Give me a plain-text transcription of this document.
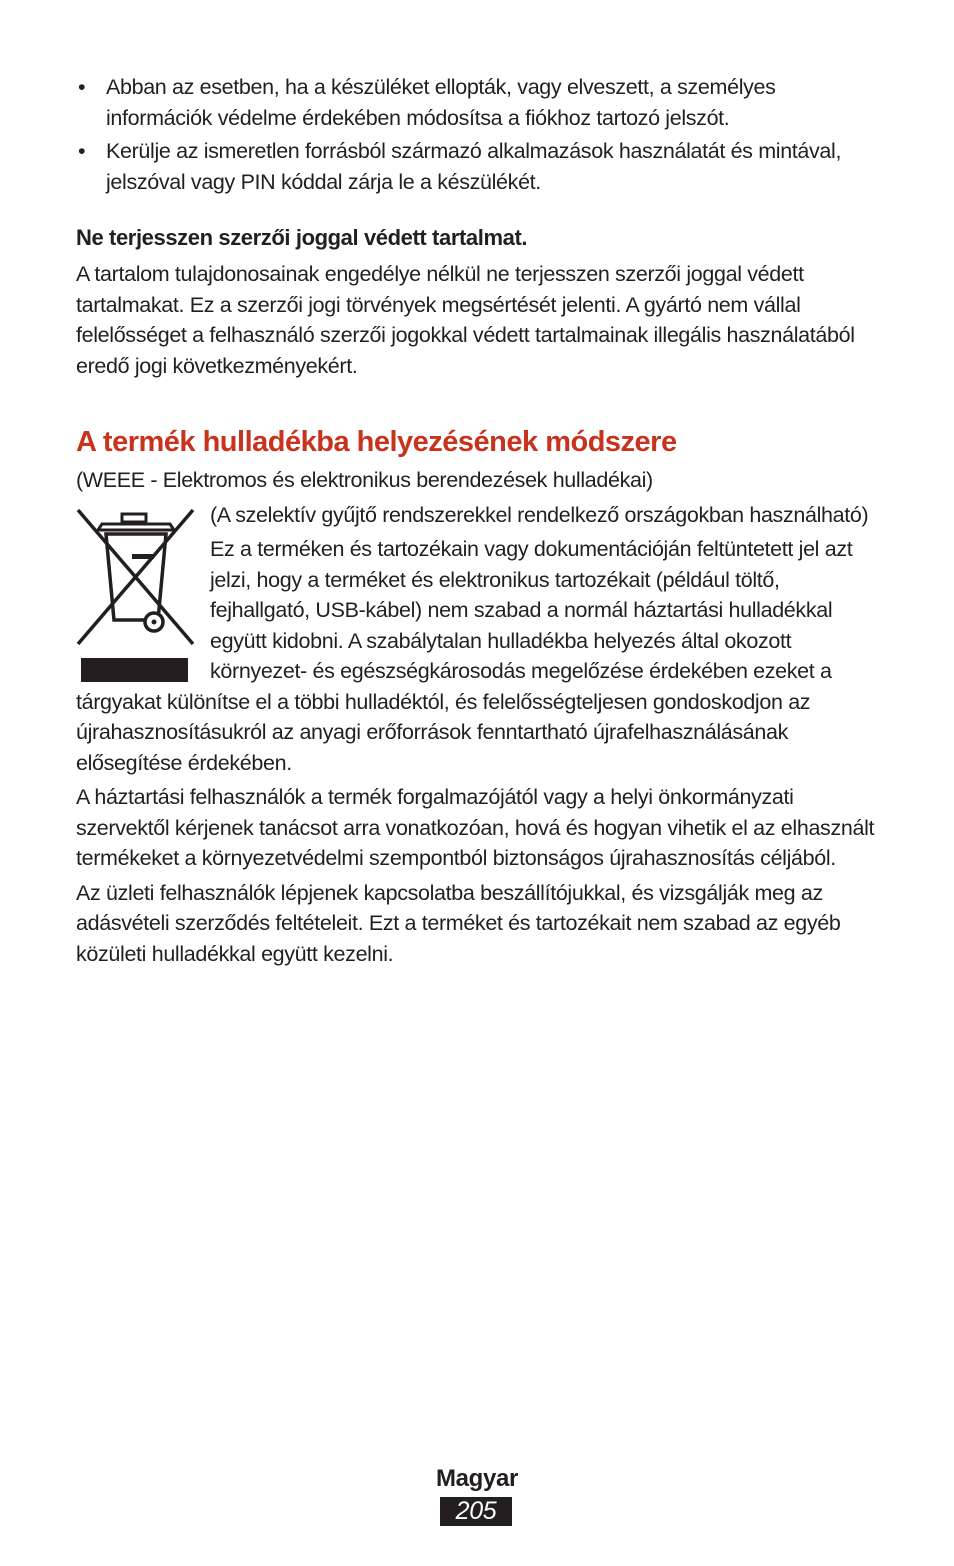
• Abban az esetben, ha a készüléket ellopták, vagy elveszett, a személyes információk védelme érdekében módosítsa a fiókhoz tartozó jelszót.
• Kerülje az ismeretlen forrásból származó alkalmazások használatát és mintával, jelszóval vagy PIN kóddal zárja le a készülékét.
Ne terjesszen szerzői joggal védett tartalmat.

A tartalom tulajdonosainak engedélye nélkül ne terjesszen szerzői joggal védett tartalmakat. Ez a szerzői jogi törvények megsértését jelenti. A gyártó nem vállal felelősséget a felhasználó szerzői jogokkal védett tartalmainak illegális használatából eredő jogi következményekért.

A termék hulladékba helyezésének módszere

(WEEE - Elektromos és elektronikus berendezések hulladékai)

(A szelektív gyűjtő rendszerekkel rendelkező országokban használható)

Ez a terméken és tartozékain vagy dokumentációján feltüntetett jel azt jelzi, hogy a terméket és elektronikus tartozékait (például töltő, fejhallgató, USB-kábel) nem szabad a normál háztartási hulladékkal együtt kidobni. A szabálytalan hulladékba helyezés által okozott környezet- és egészségkárosodás megelőzése érdekében ezeket a tárgyakat különítse el a többi hulladéktól, és felelősségteljesen gondoskodjon az újrahasznosításukról az anyagi erőforrások fenntartható újrafelhasználásának elősegítése érdekében.

A háztartási felhasználók a termék forgalmazójától vagy a helyi önkormányzati szervektől kérjenek tanácsot arra vonatkozóan, hová és hogyan vihetik el az elhasznált termékeket a környezetvédelmi szempontból biztonságos újrahasznosítás céljából.

Az üzleti felhasználók lépjenek kapcsolatba beszállítójukkal, és vizsgálják meg az adásvételi szerződés feltételeit. Ezt a terméket és tartozékait nem szabad az egyéb közületi hulladékkal együtt kezelni.

Magyar
205
